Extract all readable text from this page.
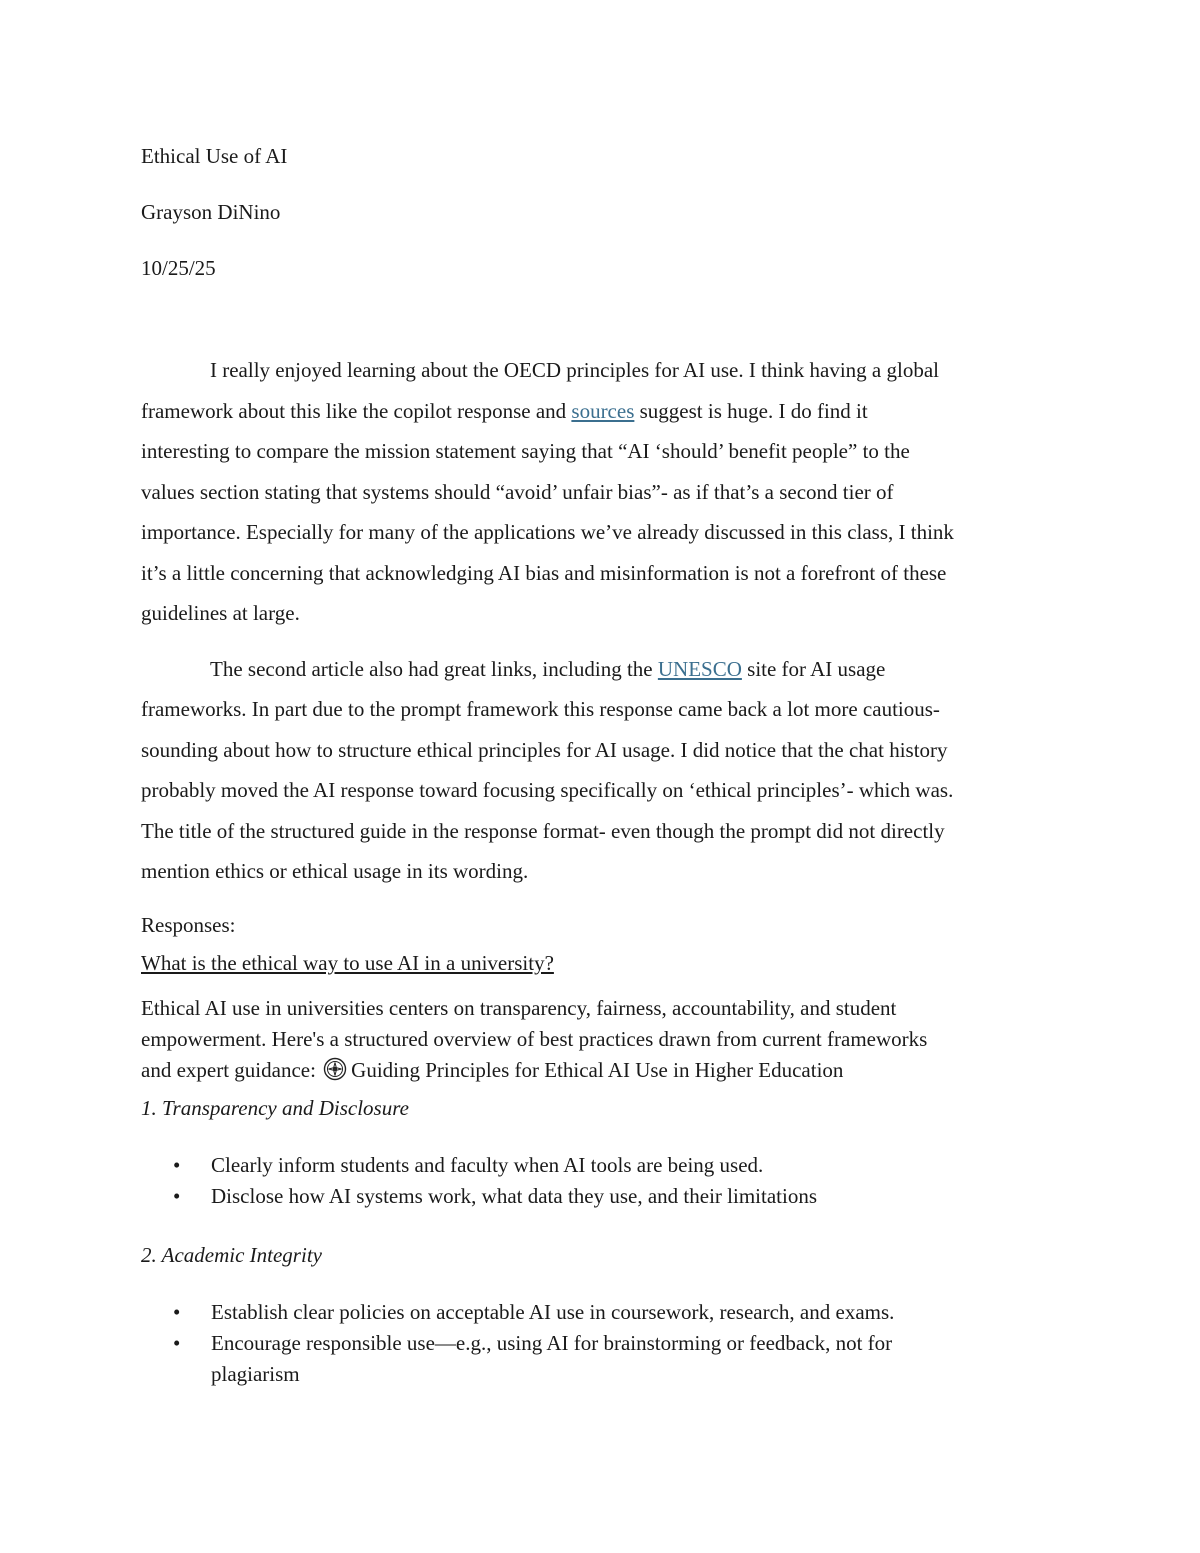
Ethical Use of AI

Grayson DiNino

10/25/25

I really enjoyed learning about the OECD principles for AI use. I think having a global
framework about this like the copilot response and sources suggest is huge. I do find it
interesting to compare the mission statement saying that “AI ‘should’ benefit people” to the
values section stating that systems should “avoid’ unfair bias”- as if that’s a second tier of
importance. Especially for many of the applications we’ve already discussed in this class, I think
it’s a little concerning that acknowledging AI bias and misinformation is not a forefront of these
guidelines at large.

The second article also had great links, including the UNESCO site for AI usage
frameworks. In part due to the prompt framework this response came back a lot more cautious-
sounding about how to structure ethical principles for AI usage. I did notice that the chat history
probably moved the AI response toward focusing specifically on ‘ethical principles’- which was.
The title of the structured guide in the response format- even though the prompt did not directly
mention ethics or ethical usage in its wording.

Responses:

What is the ethical way to use AI in a university?

Ethical AI use in universities centers on transparency, fairness, accountability, and student
empowerment. Here's a structured overview of best practices drawn from current frameworks
and expert guidance: Guiding Principles for Ethical AI Use in Higher Education

1. Transparency and Disclosure

• Clearly inform students and faculty when AI tools are being used.
• Disclose how AI systems work, what data they use, and their limitations

2. Academic Integrity

• Establish clear policies on acceptable AI use in coursework, research, and exams.
• Encourage responsible use—e.g., using AI for brainstorming or feedback, not for
plagiarism
